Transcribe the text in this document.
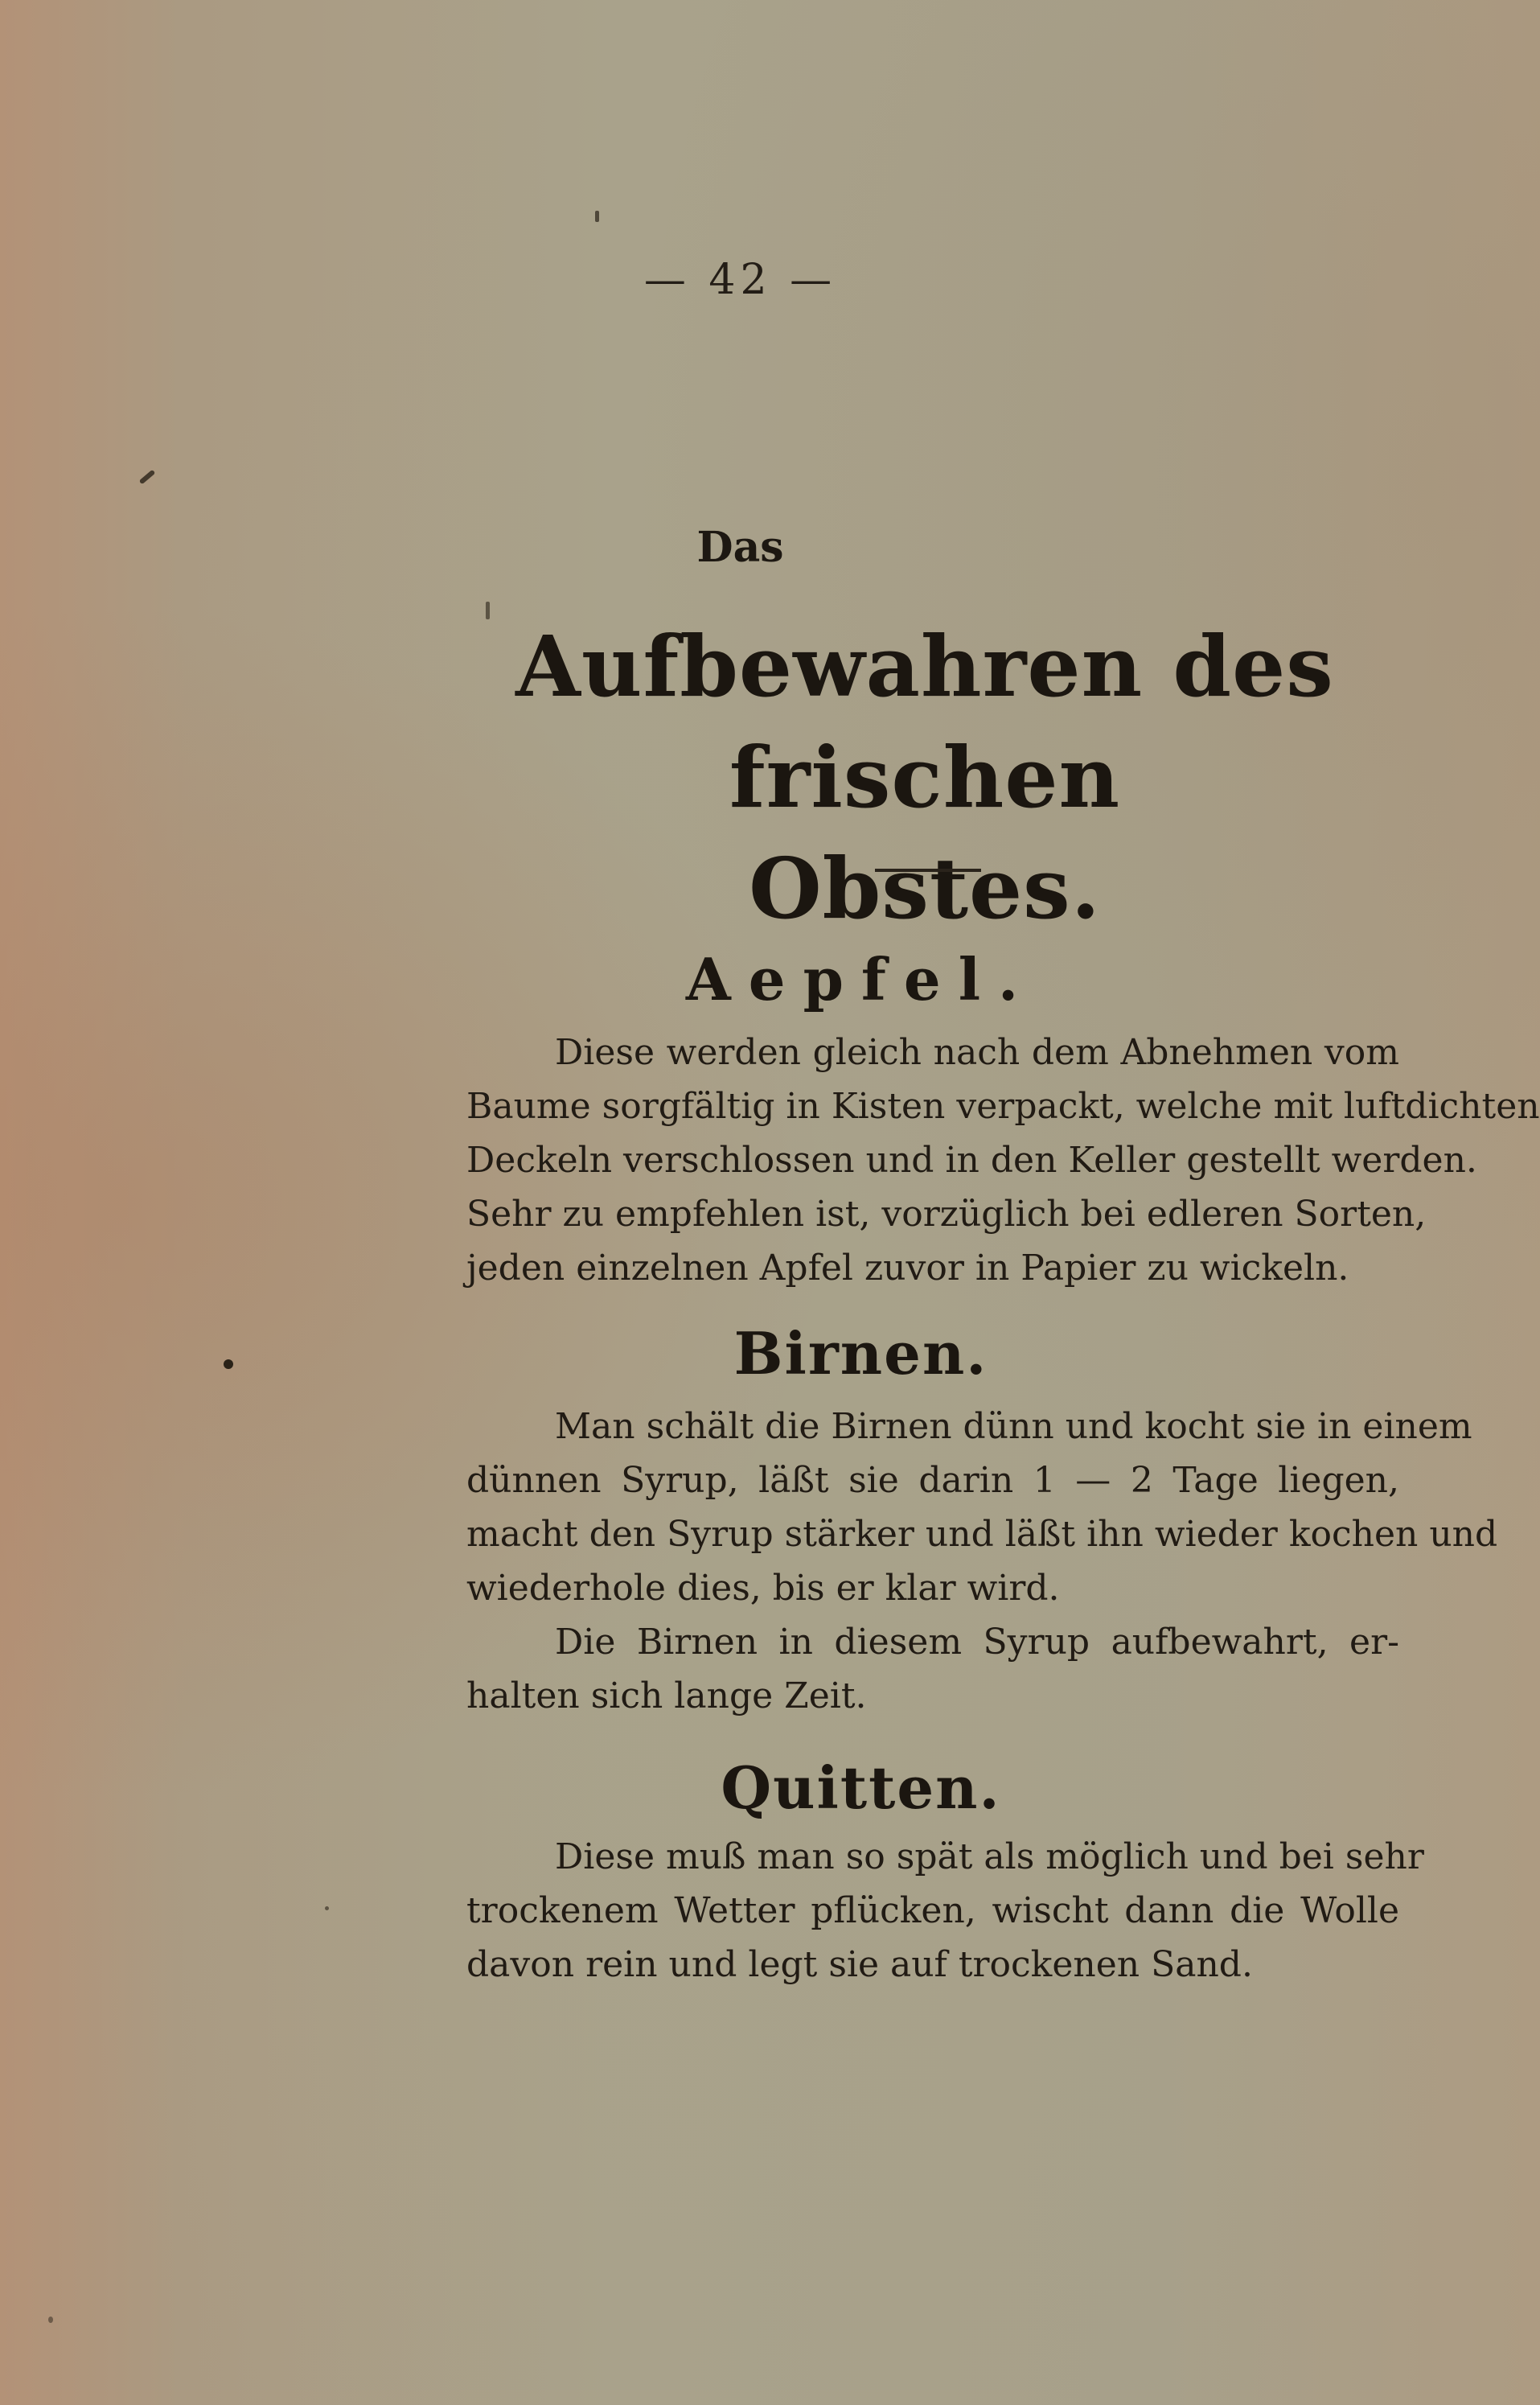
— 42 —
Das
Aufbewahren des frischen
Obstes.
Aepfel.
Diese werden gleich nach dem Abnehmen vom
Baume sorgfältig in Kisten verpackt, welche mit luftdichten
Deckeln verschlossen und in den Keller gestellt werden.
Sehr zu empfehlen ist, vorzüglich bei edleren Sorten,
jeden einzelnen Apfel zuvor in Papier zu wickeln.
Birnen.
Man schält die Birnen dünn und kocht sie in einem
dünnen Syrup, läßt sie darin 1 — 2 Tage liegen,
macht den Syrup stärker und läßt ihn wieder kochen und
wiederhole dies, bis er klar wird.
Die Birnen in diesem Syrup aufbewahrt, er-
halten sich lange Zeit.
Quitten.
Diese muß man so spät als möglich und bei sehr
trockenem Wetter pflücken, wischt dann die Wolle
davon rein und legt sie auf trockenen Sand.
